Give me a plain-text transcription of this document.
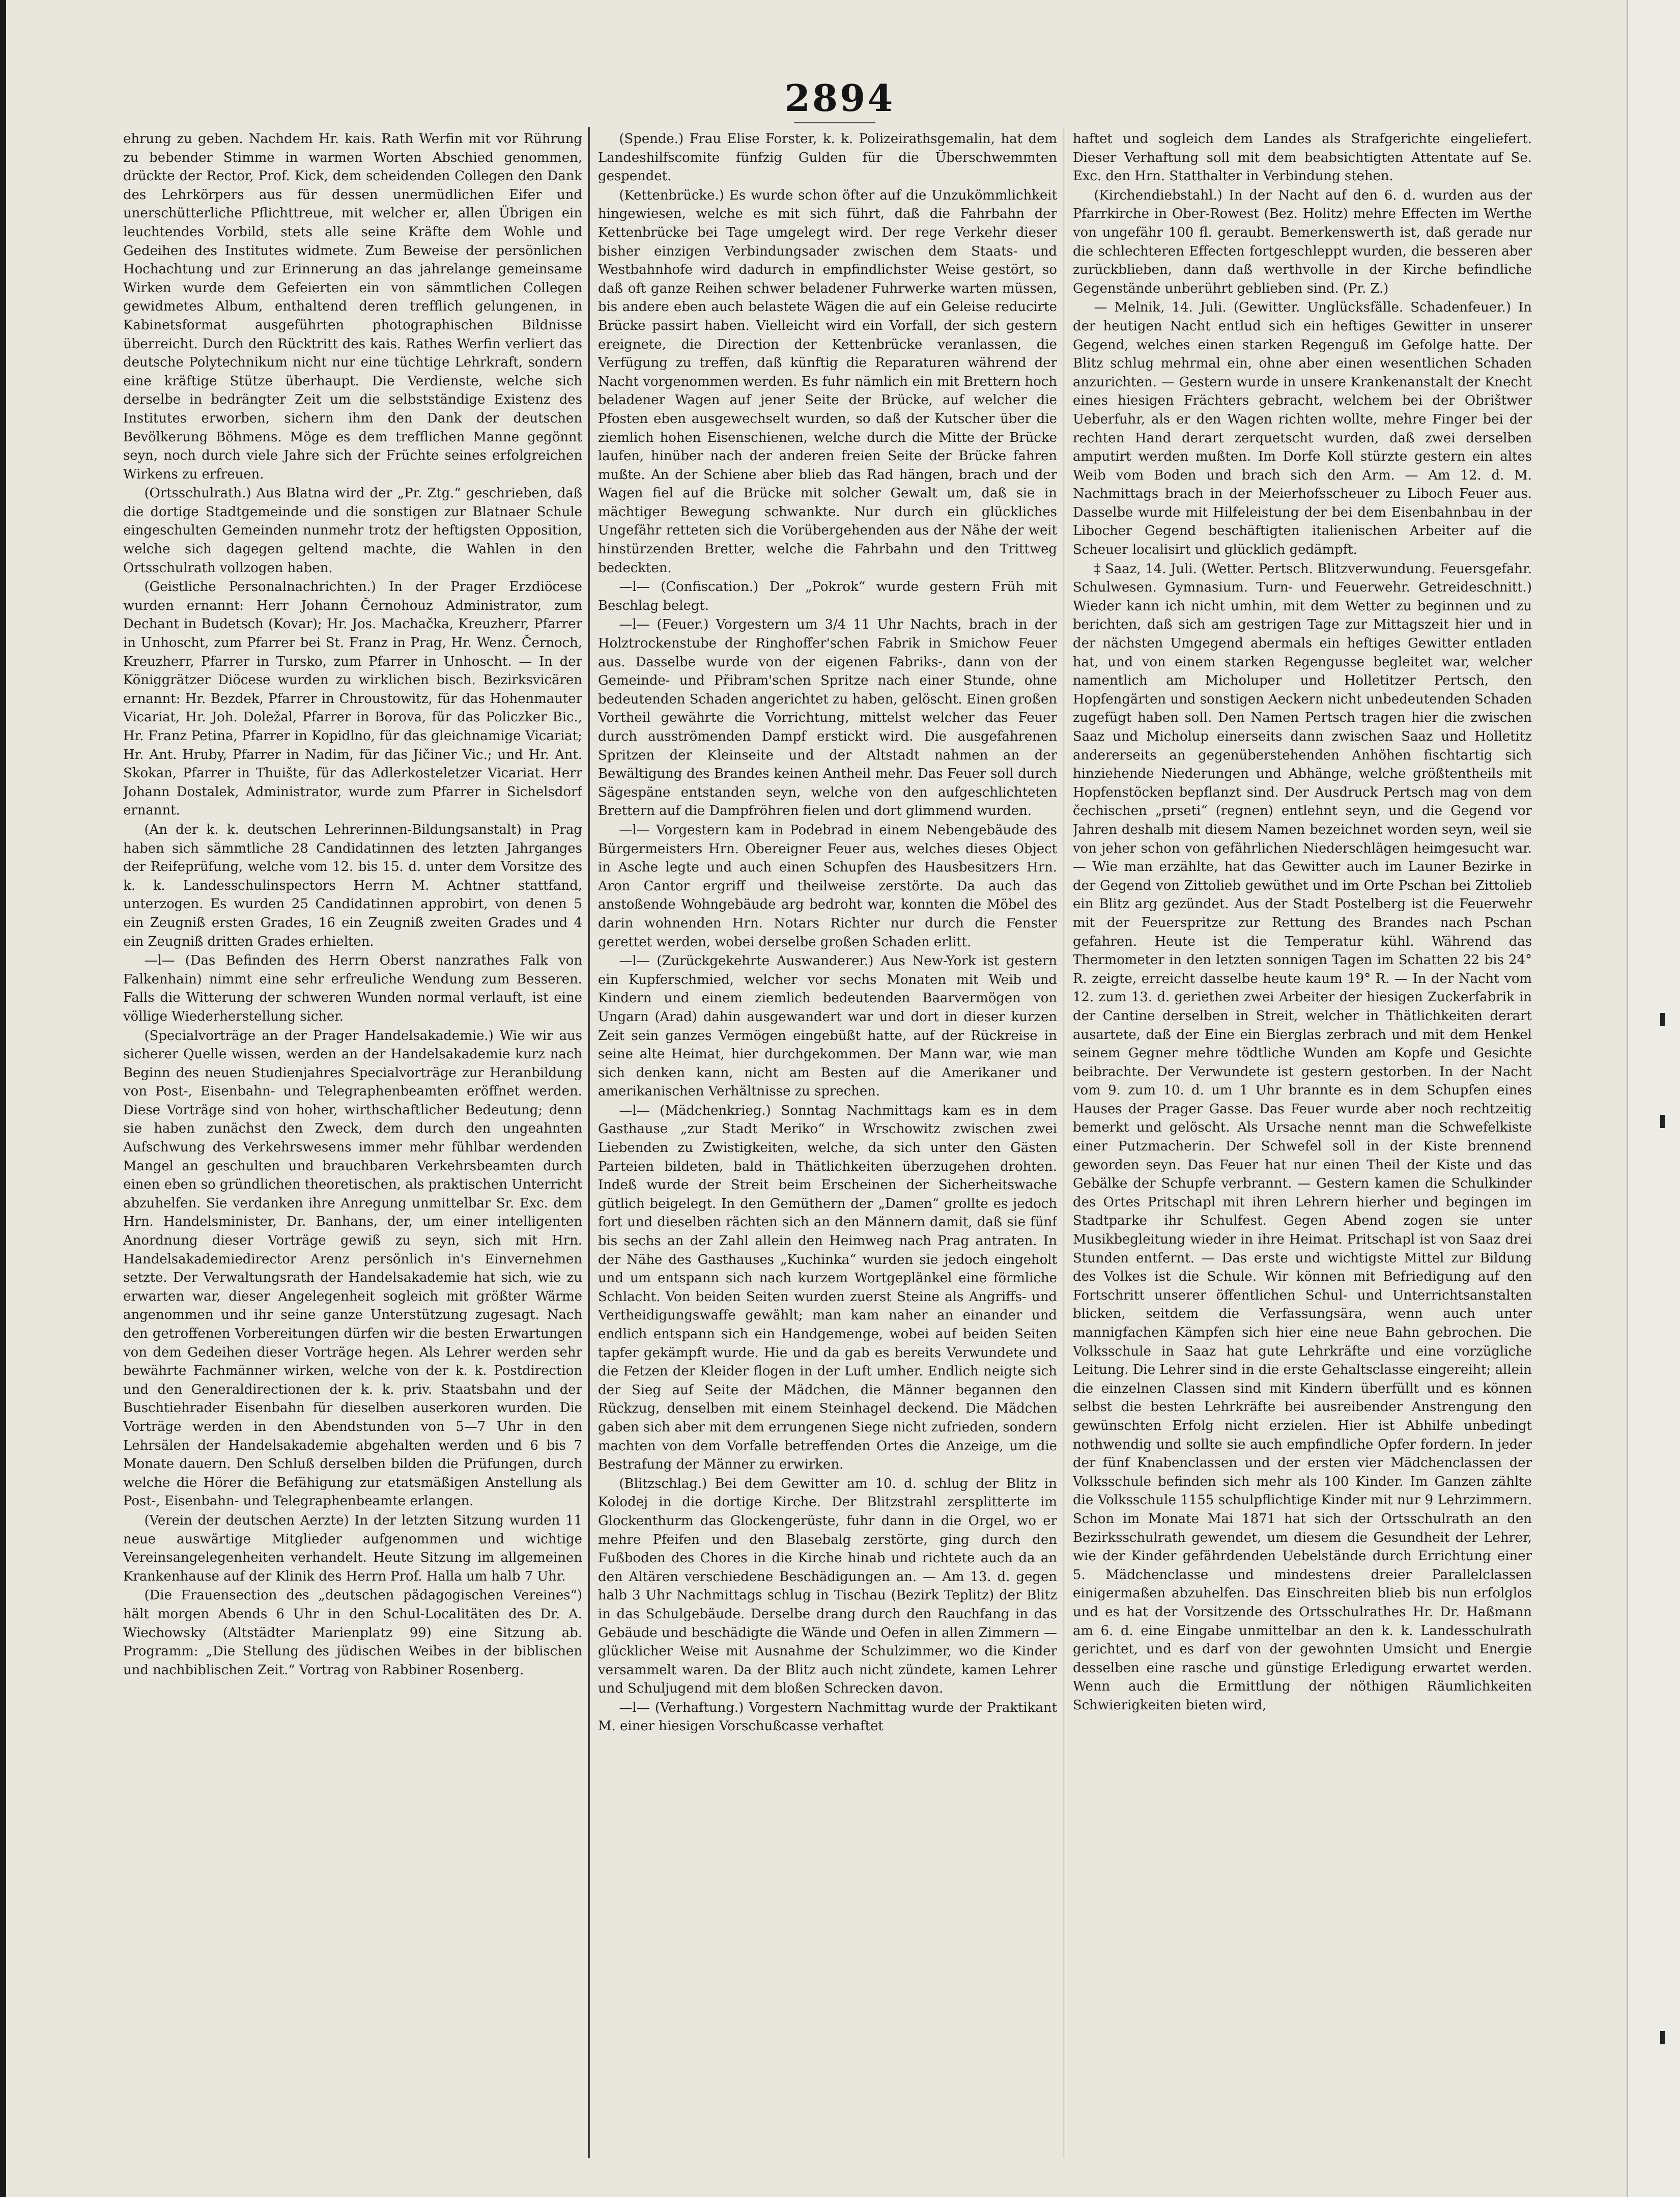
2894

ehrung zu geben. Nachdem Hr. kais. Rath Werfin mit vor Rührung zu bebender Stimme in warmen Worten Abschied genommen, drückte der Rector, Prof. Kick, dem scheidenden Collegen den Dank des Lehrkörpers aus für dessen unermüdlichen Eifer und unerschütterliche Pflichttreue, mit welcher er, allen Übrigen ein leuchtendes Vorbild, stets alle seine Kräfte dem Wohle und Gedeihen des Institutes widmete. Zum Beweise der persönlichen Hochachtung und zur Erinnerung an das jahrelange gemeinsame Wirken wurde dem Gefeierten ein von sämmtlichen Collegen gewidmetes Album, enthaltend deren trefflich gelungenen, in Kabinetsformat ausgeführten photographischen Bildnisse überreicht. Durch den Rücktritt des kais. Rathes Werfin verliert das deutsche Polytechnikum nicht nur eine tüchtige Lehrkraft, sondern eine kräftige Stütze überhaupt. Die Verdienste, welche sich derselbe in bedrängter Zeit um die selbstständige Existenz des Institutes erworben, sichern ihm den Dank der deutschen Bevölkerung Böhmens. Möge es dem trefflichen Manne gegönnt seyn, noch durch viele Jahre sich der Früchte seines erfolgreichen Wirkens zu erfreuen.

(Ortsschulrath.) Aus Blatna wird der „Pr. Ztg.“ geschrieben, daß die dortige Stadtgemeinde und die sonstigen zur Blatnaer Schule eingeschulten Gemeinden nunmehr trotz der heftigsten Opposition, welche sich dagegen geltend machte, die Wahlen in den Ortsschulrath vollzogen haben.

(Geistliche Personalnachrichten.) In der Prager Erzdiöcese wurden ernannt: Herr Johann Černohouz Administrator, zum Dechant in Budetsch (Kovar); Hr. Jos. Machačka, Kreuzherr, Pfarrer in Unhoscht, zum Pfarrer bei St. Franz in Prag, Hr. Wenz. Černoch, Kreuzherr, Pfarrer in Tursko, zum Pfarrer in Unhoscht. — In der Königgrätzer Diöcese wurden zu wirklichen bisch. Bezirksvicären ernannt: Hr. Bezdek, Pfarrer in Chroustowitz, für das Hohenmauter Vicariat, Hr. Joh. Doležal, Pfarrer in Borova, für das Policzker Bic., Hr. Franz Petina, Pfarrer in Kopidlno, für das gleichnamige Vicariat; Hr. Ant. Hruby, Pfarrer in Nadim, für das Jičiner Vic.; und Hr. Ant. Skokan, Pfarrer in Thuište, für das Adlerkosteletzer Vicariat. Herr Johann Dostalek, Administrator, wurde zum Pfarrer in Sichelsdorf ernannt.

(An der k. k. deutschen Lehrerinnen-Bildungsanstalt) in Prag haben sich sämmtliche 28 Candidatinnen des letzten Jahrganges der Reifeprüfung, welche vom 12. bis 15. d. unter dem Vorsitze des k. k. Landesschulinspectors Herrn M. Achtner stattfand, unterzogen. Es wurden 25 Candidatinnen approbirt, von denen 5 ein Zeugniß ersten Grades, 16 ein Zeugniß zweiten Grades und 4 ein Zeugniß dritten Grades erhielten.

—l— (Das Befinden des Herrn Oberst nanzrathes Falk von Falkenhain) nimmt eine sehr erfreuliche Wendung zum Besseren. Falls die Witterung der schweren Wunden normal verlauft, ist eine völlige Wiederherstellung sicher.

(Specialvorträge an der Prager Handelsakademie.) Wie wir aus sicherer Quelle wissen, werden an der Handelsakademie kurz nach Beginn des neuen Studienjahres Specialvorträge zur Heranbildung von Post-, Eisenbahn- und Telegraphenbeamten eröffnet werden. Diese Vorträge sind von hoher, wirthschaftlicher Bedeutung; denn sie haben zunächst den Zweck, dem durch den ungeahnten Aufschwung des Verkehrswesens immer mehr fühlbar werdenden Mangel an geschulten und brauchbaren Verkehrsbeamten durch einen eben so gründlichen theoretischen, als praktischen Unterricht abzuhelfen. Sie verdanken ihre Anregung unmittelbar Sr. Exc. dem Hrn. Handelsminister, Dr. Banhans, der, um einer intelligenten Anordnung dieser Vorträge gewiß zu seyn, sich mit Hrn. Handelsakademiedirector Arenz persönlich in's Einvernehmen setzte. Der Verwaltungsrath der Handelsakademie hat sich, wie zu erwarten war, dieser Angelegenheit sogleich mit größter Wärme angenommen und ihr seine ganze Unterstützung zugesagt. Nach den getroffenen Vorbereitungen dürfen wir die besten Erwartungen von dem Gedeihen dieser Vorträge hegen. Als Lehrer werden sehr bewährte Fachmänner wirken, welche von der k. k. Postdirection und den Generaldirectionen der k. k. priv. Staatsbahn und der Buschtiehrader Eisenbahn für dieselben auserkoren wurden. Die Vorträge werden in den Abendstunden von 5—7 Uhr in den Lehrsälen der Handelsakademie abgehalten werden und 6 bis 7 Monate dauern. Den Schluß derselben bilden die Prüfungen, durch welche die Hörer die Befähigung zur etatsmäßigen Anstellung als Post-, Eisenbahn- und Telegraphenbeamte erlangen.

(Verein der deutschen Aerzte) In der letzten Sitzung wurden 11 neue auswärtige Mitglieder aufgenommen und wichtige Vereinsangelegenheiten verhandelt. Heute Sitzung im allgemeinen Krankenhause auf der Klinik des Herrn Prof. Halla um halb 7 Uhr.

(Die Frauensection des „deutschen pädagogischen Vereines“) hält morgen Abends 6 Uhr in den Schul-Localitäten des Dr. A. Wiechowsky (Altstädter Marienplatz 99) eine Sitzung ab. Programm: „Die Stellung des jüdischen Weibes in der biblischen und nachbiblischen Zeit.“ Vortrag von Rabbiner Rosenberg.

(Spende.) Frau Elise Forster, k. k. Polizeirathsgemalin, hat dem Landeshilfscomite fünfzig Gulden für die Überschwemmten gespendet.

(Kettenbrücke.) Es wurde schon öfter auf die Unzukömmlichkeit hingewiesen, welche es mit sich führt, daß die Fahrbahn der Kettenbrücke bei Tage umgelegt wird. Der rege Verkehr dieser bisher einzigen Verbindungsader zwischen dem Staats- und Westbahnhofe wird dadurch in empfindlichster Weise gestört, so daß oft ganze Reihen schwer beladener Fuhrwerke warten müssen, bis andere eben auch belastete Wägen die auf ein Geleise reducirte Brücke passirt haben. Vielleicht wird ein Vorfall, der sich gestern ereignete, die Direction der Kettenbrücke veranlassen, die Verfügung zu treffen, daß künftig die Reparaturen während der Nacht vorgenommen werden. Es fuhr nämlich ein mit Brettern hoch beladener Wagen auf jener Seite der Brücke, auf welcher die Pfosten eben ausgewechselt wurden, so daß der Kutscher über die ziemlich hohen Eisenschienen, welche durch die Mitte der Brücke laufen, hinüber nach der anderen freien Seite der Brücke fahren mußte. An der Schiene aber blieb das Rad hängen, brach und der Wagen fiel auf die Brücke mit solcher Gewalt um, daß sie in mächtiger Bewegung schwankte. Nur durch ein glückliches Ungefähr retteten sich die Vorübergehenden aus der Nähe der weit hinstürzenden Bretter, welche die Fahrbahn und den Trittweg bedeckten.

—l— (Confiscation.) Der „Pokrok“ wurde gestern Früh mit Beschlag belegt.

—l— (Feuer.) Vorgestern um 3/4 11 Uhr Nachts, brach in der Holztrockenstube der Ringhoffer'schen Fabrik in Smichow Feuer aus. Dasselbe wurde von der eigenen Fabriks-, dann von der Gemeinde- und Přibram'schen Spritze nach einer Stunde, ohne bedeutenden Schaden angerichtet zu haben, gelöscht. Einen großen Vortheil gewährte die Vorrichtung, mittelst welcher das Feuer durch ausströmenden Dampf erstickt wird. Die ausgefahrenen Spritzen der Kleinseite und der Altstadt nahmen an der Bewältigung des Brandes keinen Antheil mehr. Das Feuer soll durch Sägespäne entstanden seyn, welche von den aufgeschlichteten Brettern auf die Dampfröhren fielen und dort glimmend wurden.

—l— Vorgestern kam in Podebrad in einem Nebengebäude des Bürgermeisters Hrn. Obereigner Feuer aus, welches dieses Object in Asche legte und auch einen Schupfen des Hausbesitzers Hrn. Aron Cantor ergriff und theilweise zerstörte. Da auch das anstoßende Wohngebäude arg bedroht war, konnten die Möbel des darin wohnenden Hrn. Notars Richter nur durch die Fenster gerettet werden, wobei derselbe großen Schaden erlitt.

—l— (Zurückgekehrte Auswanderer.) Aus New-York ist gestern ein Kupferschmied, welcher vor sechs Monaten mit Weib und Kindern und einem ziemlich bedeutenden Baarvermögen von Ungarn (Arad) dahin ausgewandert war und dort in dieser kurzen Zeit sein ganzes Vermögen eingebüßt hatte, auf der Rückreise in seine alte Heimat, hier durchgekommen. Der Mann war, wie man sich denken kann, nicht am Besten auf die Amerikaner und amerikanischen Verhältnisse zu sprechen.

—l— (Mädchenkrieg.) Sonntag Nachmittags kam es in dem Gasthause „zur Stadt Meriko“ in Wrschowitz zwischen zwei Liebenden zu Zwistigkeiten, welche, da sich unter den Gästen Parteien bildeten, bald in Thätlichkeiten überzugehen drohten. Indeß wurde der Streit beim Erscheinen der Sicherheitswache gütlich beigelegt. In den Gemüthern der „Damen“ grollte es jedoch fort und dieselben rächten sich an den Männern damit, daß sie fünf bis sechs an der Zahl allein den Heimweg nach Prag antraten. In der Nähe des Gasthauses „Kuchinka“ wurden sie jedoch eingeholt und um entspann sich nach kurzem Wortgeplänkel eine förmliche Schlacht. Von beiden Seiten wurden zuerst Steine als Angriffs- und Vertheidigungswaffe gewählt; man kam naher an einander und endlich entspann sich ein Handgemenge, wobei auf beiden Seiten tapfer gekämpft wurde. Hie und da gab es bereits Verwundete und die Fetzen der Kleider flogen in der Luft umher. Endlich neigte sich der Sieg auf Seite der Mädchen, die Männer begannen den Rückzug, denselben mit einem Steinhagel deckend. Die Mädchen gaben sich aber mit dem errungenen Siege nicht zufrieden, sondern machten von dem Vorfalle betreffenden Ortes die Anzeige, um die Bestrafung der Männer zu erwirken.

(Blitzschlag.) Bei dem Gewitter am 10. d. schlug der Blitz in Kolodej in die dortige Kirche. Der Blitzstrahl zersplitterte im Glockenthurm das Glockengerüste, fuhr dann in die Orgel, wo er mehre Pfeifen und den Blasebalg zerstörte, ging durch den Fußboden des Chores in die Kirche hinab und richtete auch da an den Altären verschiedene Beschädigungen an. — Am 13. d. gegen halb 3 Uhr Nachmittags schlug in Tischau (Bezirk Teplitz) der Blitz in das Schulgebäude. Derselbe drang durch den Rauchfang in das Gebäude und beschädigte die Wände und Oefen in allen Zimmern — glücklicher Weise mit Ausnahme der Schulzimmer, wo die Kinder versammelt waren. Da der Blitz auch nicht zündete, kamen Lehrer und Schuljugend mit dem bloßen Schrecken davon.

—l— (Verhaftung.) Vorgestern Nachmittag wurde der Praktikant M. einer hiesigen Vorschußcasse verhaftet

haftet und sogleich dem Landes als Strafgerichte eingeliefert. Dieser Verhaftung soll mit dem beabsichtigten Attentate auf Se. Exc. den Hrn. Statthalter in Verbindung stehen.

(Kirchendiebstahl.) In der Nacht auf den 6. d. wurden aus der Pfarrkirche in Ober-Rowest (Bez. Holitz) mehre Effecten im Werthe von ungefähr 100 fl. geraubt. Bemerkenswerth ist, daß gerade nur die schlechteren Effecten fortgeschleppt wurden, die besseren aber zurückblieben, dann daß werthvolle in der Kirche befindliche Gegenstände unberührt geblieben sind. (Pr. Z.)

— Melnik, 14. Juli. (Gewitter. Unglücksfälle. Schadenfeuer.) In der heutigen Nacht entlud sich ein heftiges Gewitter in unserer Gegend, welches einen starken Regenguß im Gefolge hatte. Der Blitz schlug mehrmal ein, ohne aber einen wesentlichen Schaden anzurichten. — Gestern wurde in unsere Krankenanstalt der Knecht eines hiesigen Frächters gebracht, welchem bei der Obrištwer Ueberfuhr, als er den Wagen richten wollte, mehre Finger bei der rechten Hand derart zerquetscht wurden, daß zwei derselben amputirt werden mußten. Im Dorfe Koll stürzte gestern ein altes Weib vom Boden und brach sich den Arm. — Am 12. d. M. Nachmittags brach in der Meierhofsscheuer zu Liboch Feuer aus. Dasselbe wurde mit Hilfeleistung der bei dem Eisenbahnbau in der Libocher Gegend beschäftigten italienischen Arbeiter auf die Scheuer localisirt und glücklich gedämpft.

‡ Saaz, 14. Juli. (Wetter. Pertsch. Blitzverwundung. Feuersgefahr. Schulwesen. Gymnasium. Turn- und Feuerwehr. Getreideschnitt.) Wieder kann ich nicht umhin, mit dem Wetter zu beginnen und zu berichten, daß sich am gestrigen Tage zur Mittagszeit hier und in der nächsten Umgegend abermals ein heftiges Gewitter entladen hat, und von einem starken Regengusse begleitet war, welcher namentlich am Micholuper und Holletitzer Pertsch, den Hopfengärten und sonstigen Aeckern nicht unbedeutenden Schaden zugefügt haben soll. Den Namen Pertsch tragen hier die zwischen Saaz und Micholup einerseits dann zwischen Saaz und Holletitz andererseits an gegenüberstehenden Anhöhen fischtartig sich hinziehende Niederungen und Abhänge, welche größtentheils mit Hopfenstöcken bepflanzt sind. Der Ausdruck Pertsch mag von dem čechischen „prseti“ (regnen) entlehnt seyn, und die Gegend vor Jahren deshalb mit diesem Namen bezeichnet worden seyn, weil sie von jeher schon von gefährlichen Niederschlägen heimgesucht war. — Wie man erzählte, hat das Gewitter auch im Launer Bezirke in der Gegend von Zittolieb gewüthet und im Orte Pschan bei Zittolieb ein Blitz arg gezündet. Aus der Stadt Postelberg ist die Feuerwehr mit der Feuerspritze zur Rettung des Brandes nach Pschan gefahren. Heute ist die Temperatur kühl. Während das Thermometer in den letzten sonnigen Tagen im Schatten 22 bis 24° R. zeigte, erreicht dasselbe heute kaum 19° R. — In der Nacht vom 12. zum 13. d. geriethen zwei Arbeiter der hiesigen Zuckerfabrik in der Cantine derselben in Streit, welcher in Thätlichkeiten derart ausartete, daß der Eine ein Bierglas zerbrach und mit dem Henkel seinem Gegner mehre tödtliche Wunden am Kopfe und Gesichte beibrachte. Der Verwundete ist gestern gestorben. In der Nacht vom 9. zum 10. d. um 1 Uhr brannte es in dem Schupfen eines Hauses der Prager Gasse. Das Feuer wurde aber noch rechtzeitig bemerkt und gelöscht. Als Ursache nennt man die Schwefelkiste einer Putzmacherin. Der Schwefel soll in der Kiste brennend geworden seyn. Das Feuer hat nur einen Theil der Kiste und das Gebälke der Schupfe verbrannt. — Gestern kamen die Schulkinder des Ortes Pritschapl mit ihren Lehrern hierher und begingen im Stadtparke ihr Schulfest. Gegen Abend zogen sie unter Musikbegleitung wieder in ihre Heimat. Pritschapl ist von Saaz drei Stunden entfernt. — Das erste und wichtigste Mittel zur Bildung des Volkes ist die Schule. Wir können mit Befriedigung auf den Fortschritt unserer öffentlichen Schul- und Unterrichtsanstalten blicken, seitdem die Verfassungsära, wenn auch unter mannigfachen Kämpfen sich hier eine neue Bahn gebrochen. Die Volksschule in Saaz hat gute Lehrkräfte und eine vorzügliche Leitung. Die Lehrer sind in die erste Gehaltsclasse eingereiht; allein die einzelnen Classen sind mit Kindern überfüllt und es können selbst die besten Lehrkräfte bei ausreibender Anstrengung den gewünschten Erfolg nicht erzielen. Hier ist Abhilfe unbedingt nothwendig und sollte sie auch empfindliche Opfer fordern. In jeder der fünf Knabenclassen und der ersten vier Mädchenclassen der Volksschule befinden sich mehr als 100 Kinder. Im Ganzen zählte die Volksschule 1155 schulpflichtige Kinder mit nur 9 Lehrzimmern. Schon im Monate Mai 1871 hat sich der Ortsschulrath an den Bezirksschulrath gewendet, um diesem die Gesundheit der Lehrer, wie der Kinder gefährdenden Uebelstände durch Errichtung einer 5. Mädchenclasse und mindestens dreier Parallelclassen einigermaßen abzuhelfen. Das Einschreiten blieb bis nun erfolglos und es hat der Vorsitzende des Ortsschulrathes Hr. Dr. Haßmann am 6. d. eine Eingabe unmittelbar an den k. k. Landesschulrath gerichtet, und es darf von der gewohnten Umsicht und Energie desselben eine rasche und günstige Erledigung erwartet werden. Wenn auch die Ermittlung der nöthigen Räumlichkeiten Schwierigkeiten bieten wird,
